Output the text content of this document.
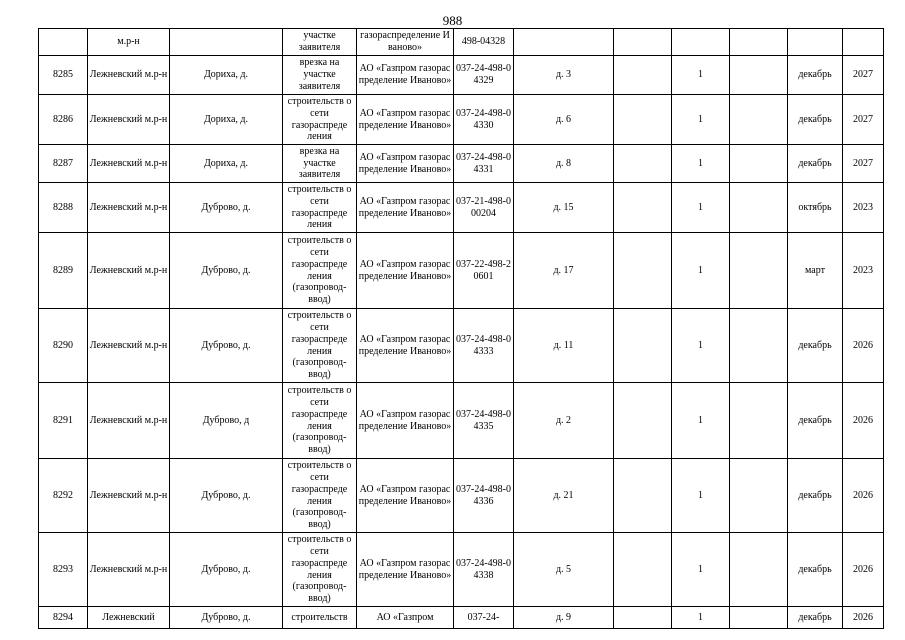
988
	м.р-н		участке заявителя	газораспределение Иваново»	498-04328						
8285	Лежневский м.р-н	Дориха, д.	врезка на участке заявителя	АО «Газпром газораспределение Иваново»	037-24-498-04329	д. 3		1		декабрь	2027
8286	Лежневский м.р-н	Дориха, д.	строительств о сети газораспреде ления	АО «Газпром газораспределение Иваново»	037-24-498-04330	д. 6		1		декабрь	2027
8287	Лежневский м.р-н	Дориха, д.	врезка на участке заявителя	АО «Газпром газораспределение Иваново»	037-24-498-04331	д. 8		1		декабрь	2027
8288	Лежневский м.р-н	Дуброво, д.	строительств о сети газораспреде ления	АО «Газпром газораспределение Иваново»	037-21-498-000204	д. 15		1		октябрь	2023
8289	Лежневский м.р-н	Дуброво, д.	строительств о сети газораспреде ления (газопровод-ввод)	АО «Газпром газораспределение Иваново»	037-22-498-20601	д. 17		1		март	2023
8290	Лежневский м.р-н	Дуброво, д.	строительств о сети газораспреде ления (газопровод-ввод)	АО «Газпром газораспределение Иваново»	037-24-498-04333	д. 11		1		декабрь	2026
8291	Лежневский м.р-н	Дуброво, д	строительств о сети газораспреде ления (газопровод-ввод)	АО «Газпром газораспределение Иваново»	037-24-498-04335	д. 2		1		декабрь	2026
8292	Лежневский м.р-н	Дуброво, д.	строительств о сети газораспреде ления (газопровод-ввод)	АО «Газпром газораспределение Иваново»	037-24-498-04336	д. 21		1		декабрь	2026
8293	Лежневский м.р-н	Дуброво, д.	строительств о сети газораспреде ления (газопровод-ввод)	АО «Газпром газораспределение Иваново»	037-24-498-04338	д. 5		1		декабрь	2026
8294	Лежневский	Дуброво, д.	строительств	АО «Газпром	037-24-	д. 9		1		декабрь	2026
